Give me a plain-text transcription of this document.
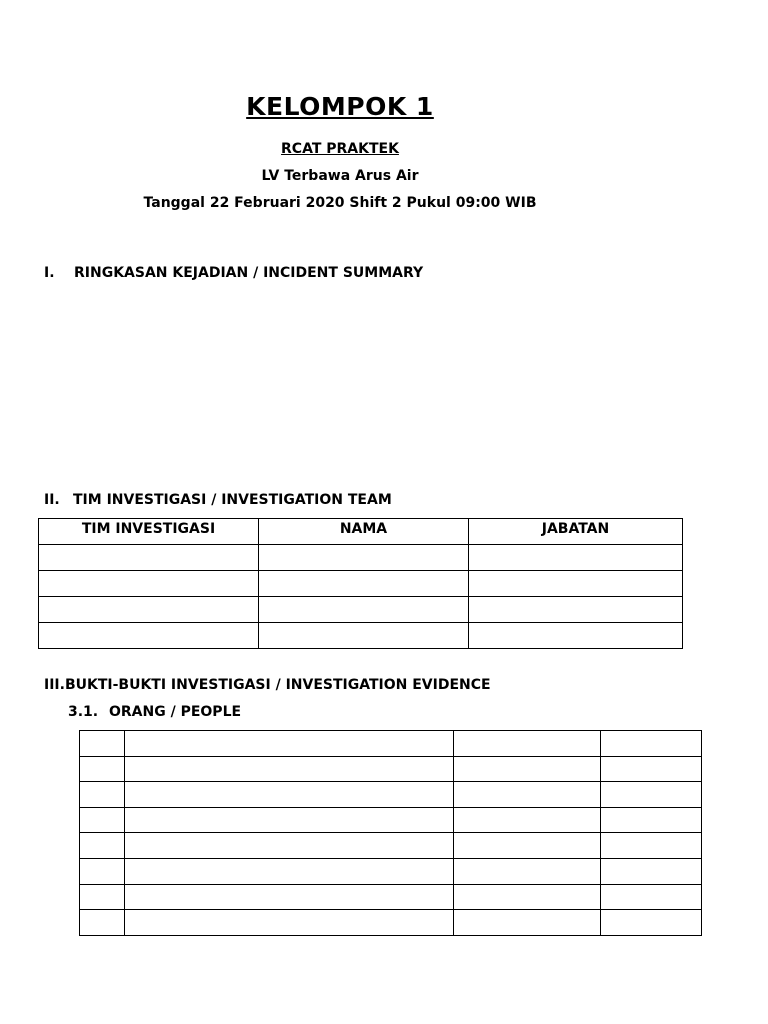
KELOMPOK 1
RCAT PRAKTEK
LV Terbawa Arus Air
Tanggal 22 Februari 2020 Shift 2 Pukul 09:00 WIB
I. RINGKASAN KEJADIAN / INCIDENT SUMMARY
II. TIM INVESTIGASI / INVESTIGATION TEAM
TIM INVESTIGASI	NAMA	JABATAN

III.BUKTI-BUKTI INVESTIGASI / INVESTIGATION EVIDENCE
3.1. ORANG / PEOPLE
